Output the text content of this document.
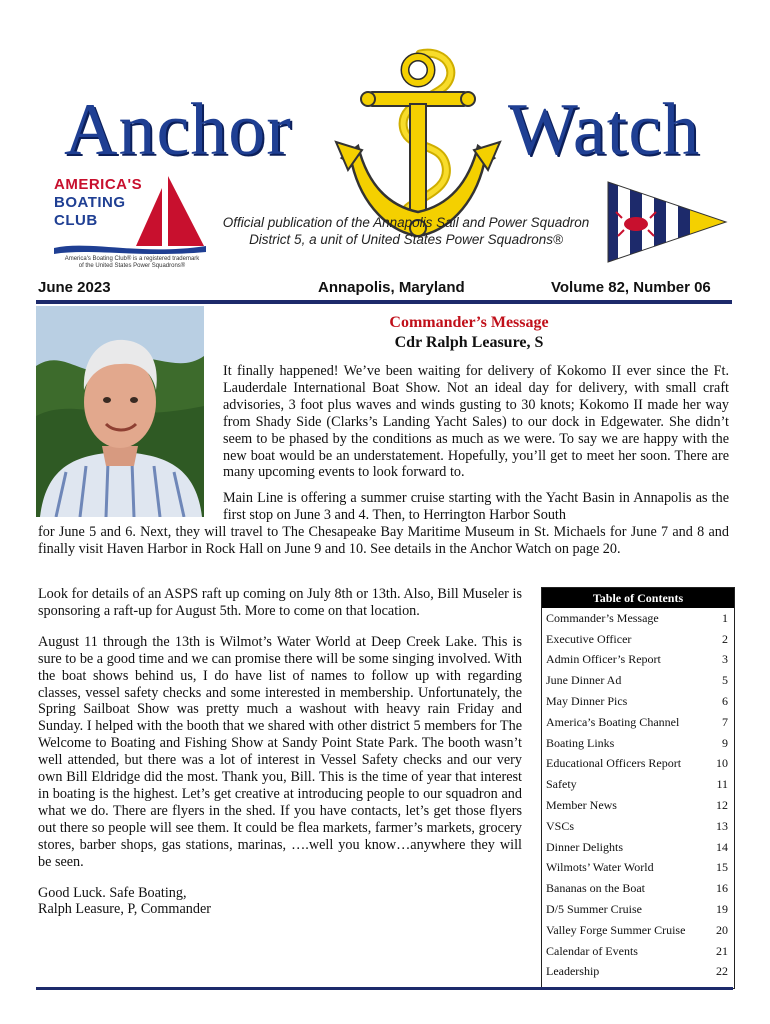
Anchor	Watch
AMERICA'S
BOATING
CLUB
America's Boating Club® is a registered trademark
of the United States Power Squadrons®
Official publication of the Annapolis Sail and Power Squadron
District 5, a unit of United States Power Squadrons®
June 2023	Annapolis, Maryland	Volume 82, Number 06
Commander’s Message
Cdr Ralph Leasure, S
It finally happened! We’ve been waiting for delivery of Kokomo II ever since the Ft. Lauderdale International Boat Show. Not an ideal day for delivery, with small craft advisories, 3 foot plus waves and winds gusting to 30 knots; Kokomo II made her way from Shady Side (Clarks’s Landing Yacht Sales) to our dock in Edgewater. She didn’t seem to be phased by the conditions as much as we were. To say we are happy with the new boat would be an understatement. Hopefully, you’ll get to meet her soon. There are many upcoming events to look forward to.
Main Line is offering a summer cruise starting with the Yacht Basin in Annapolis as the first stop on June 3 and 4. Then, to Herrington Harbor South
for June 5 and 6. Next, they will travel to The Chesapeake Bay Maritime Museum in St. Michaels for June 7 and 8 and finally visit Haven Harbor in Rock Hall on June 9 and 10. See details in the Anchor Watch on page 20.

Look for details of an ASPS raft up coming on July 8th or 13th. Also, Bill Museler is sponsoring a raft-up for August 5th. More to come on that location.

August 11 through the 13th is Wilmot’s Water World at Deep Creek Lake. This is sure to be a good time and we can promise there will be some singing involved. With the boat shows behind us, I do have list of names to follow up with regarding classes, vessel safety checks and some interested in membership. Unfortunately, the Spring Sailboat Show was pretty much a washout with heavy rain Friday and Sunday. I helped with the booth that we shared with other district 5 members for The Welcome to Boating and Fishing Show at Sandy Point State Park. The booth wasn’t well attended, but there was a lot of interest in Vessel Safety checks and our very own Bill Eldridge did the most. Thank you, Bill. This is the time of year that interest in boating is the highest. Let’s get creative at introducing people to our squadron and what we do. There are flyers in the shed. If you have contacts, let’s get those flyers out there so people will see them. It could be flea markets, farmer’s markets, grocery stores, barber shops, gas stations, marinas, ….well you know…anywhere they will be seen.

Good Luck. Safe Boating,
Ralph Leasure, P, Commander
Table of Contents
Commander’s Message	1
Executive Officer	2
Admin Officer’s Report	3
June Dinner Ad	5
May Dinner Pics	6
America’s Boating Channel	7
Boating Links	9
Educational Officers Report	10
Safety	11
Member News	12
VSCs	13
Dinner Delights	14
Wilmots’ Water World	15
Bananas on the Boat	16
D/5 Summer Cruise	19
Valley Forge Summer Cruise	20
Calendar of Events	21
Leadership	22
